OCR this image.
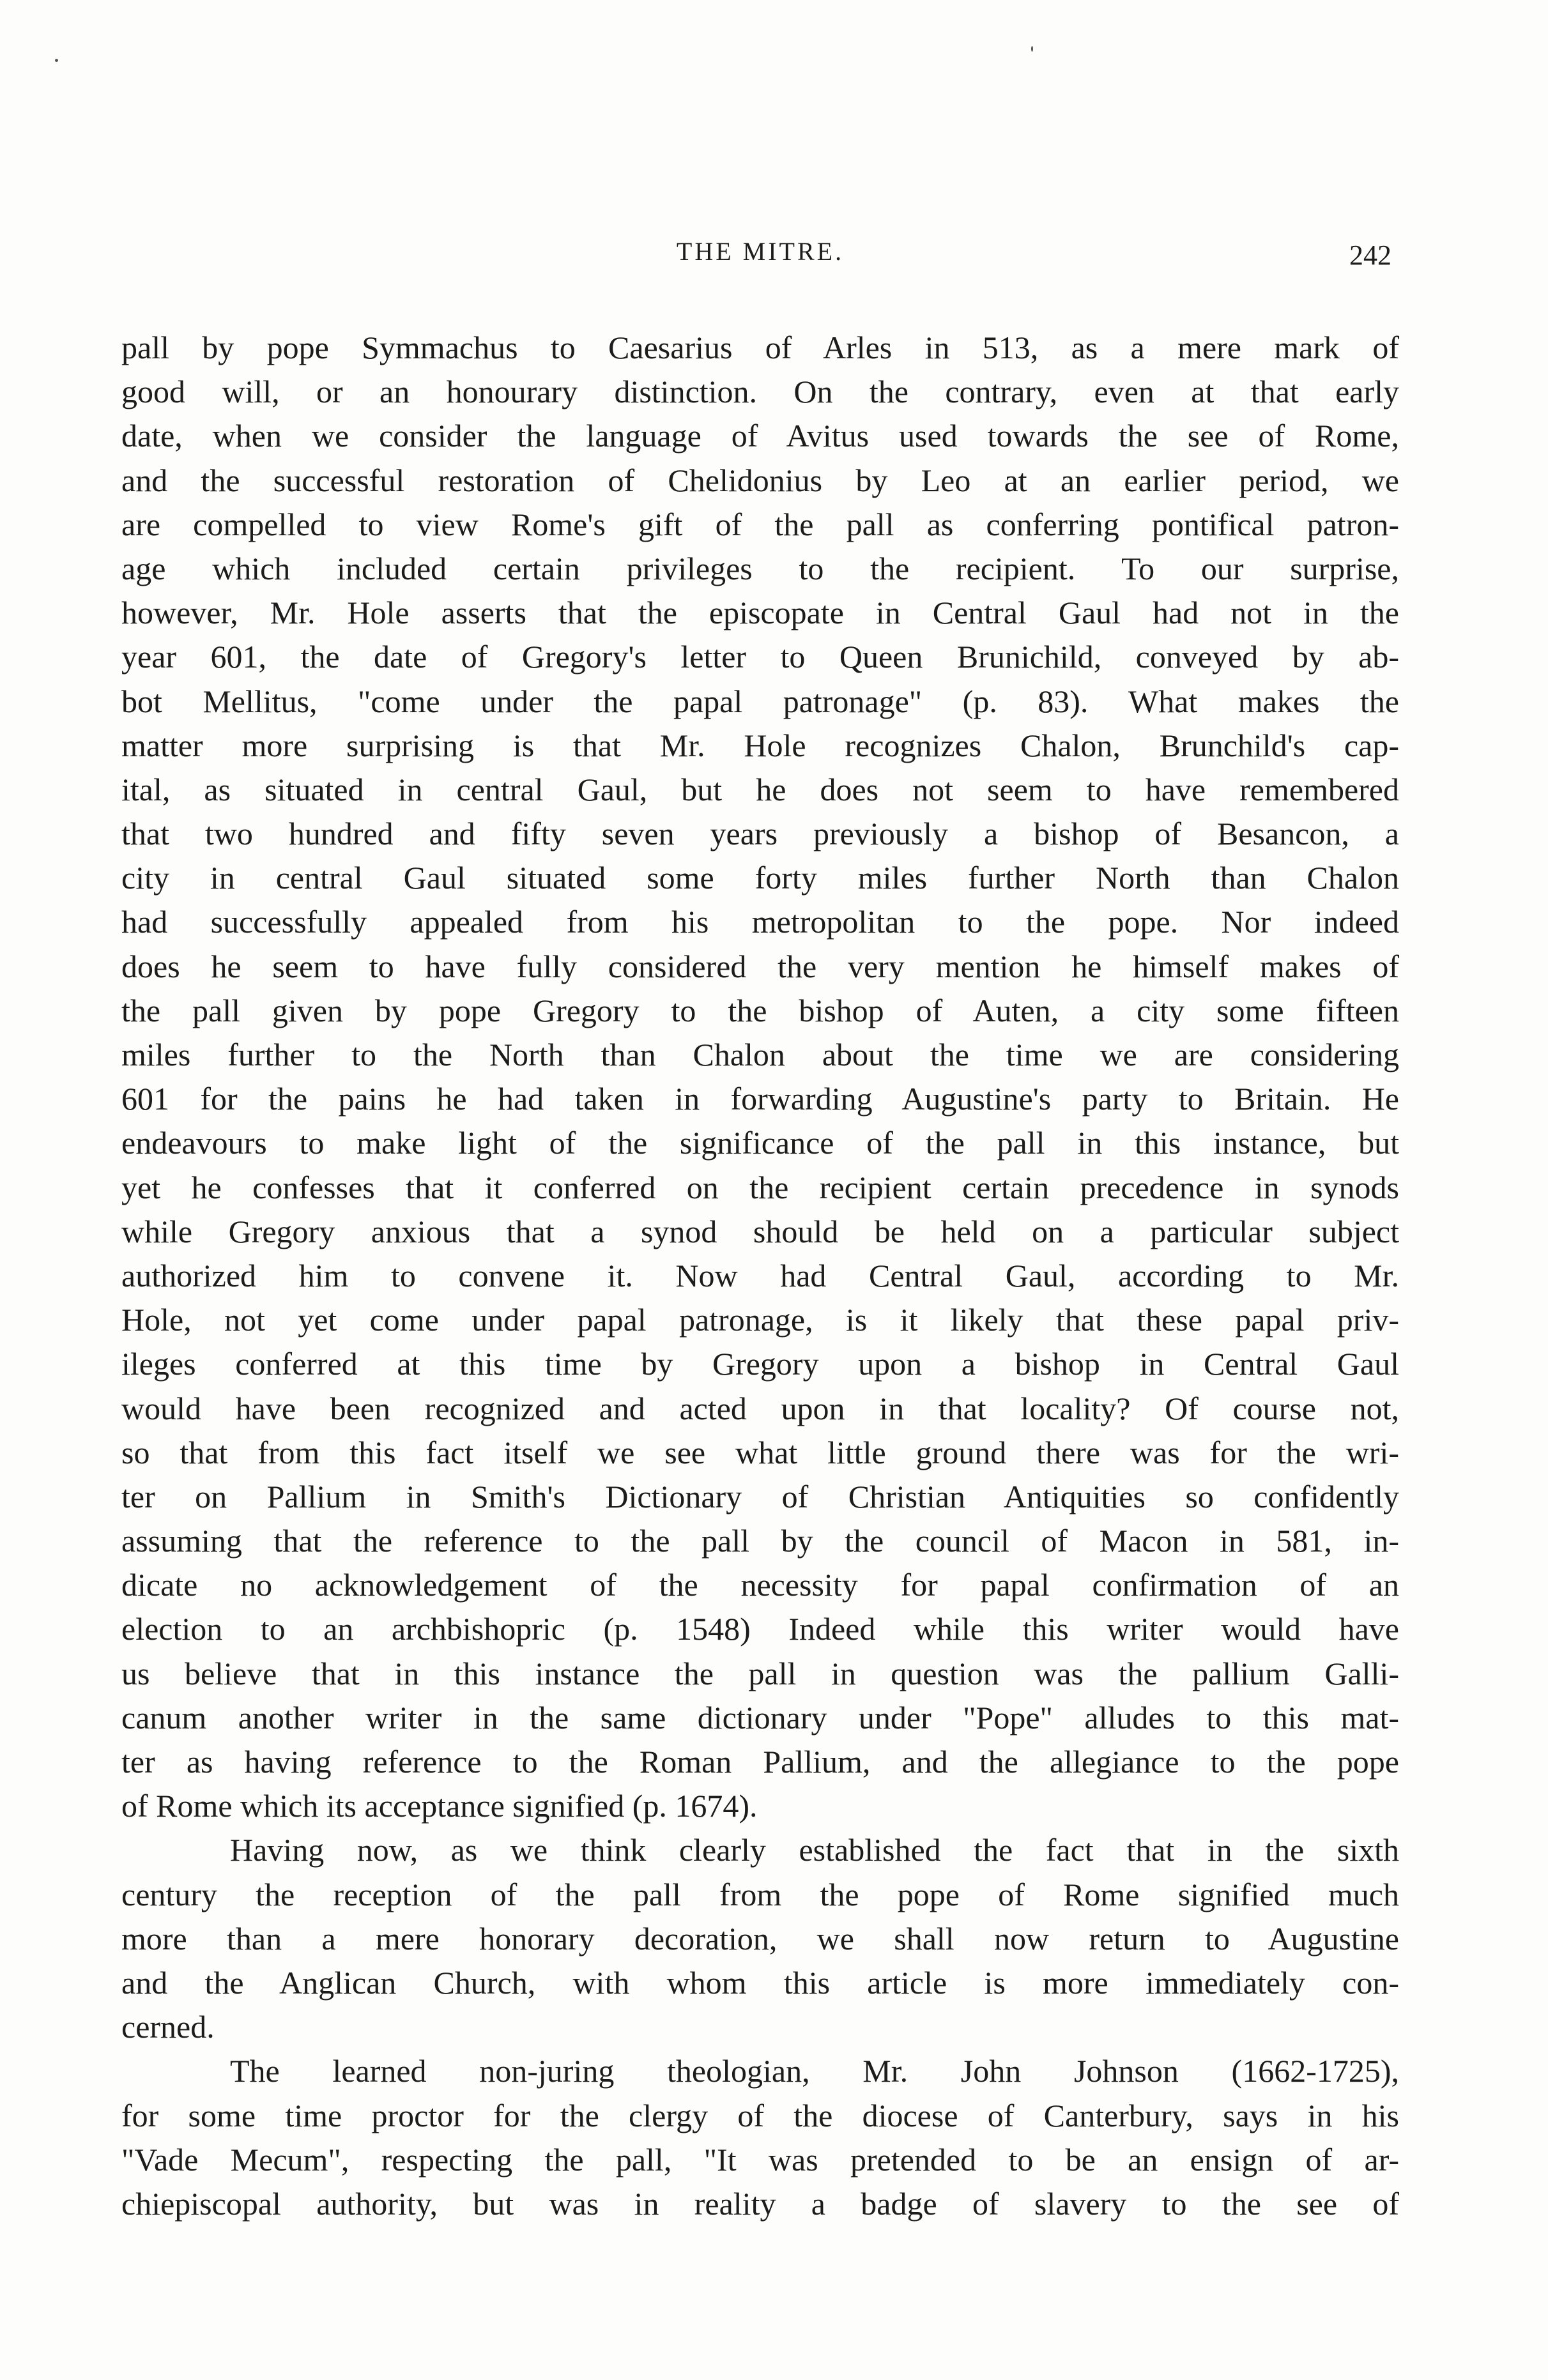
THE MITRE.	242
pall by pope Symmachus to Caesarius of Arles in 513, as a mere mark of
good will, or an honourary distinction. On the contrary, even at that early
date, when we consider the language of Avitus used towards the see of Rome,
and the successful restoration of Chelidonius by Leo at an earlier period, we
are compelled to view Rome's gift of the pall as conferring pontifical patron-
age which included certain privileges to the recipient. To our surprise,
however, Mr. Hole asserts that the episcopate in Central Gaul had not in the
year 601, the date of Gregory's letter to Queen Brunichild, conveyed by ab-
bot Mellitus, "come under the papal patronage" (p. 83). What makes the
matter more surprising is that Mr. Hole recognizes Chalon, Brunchild's cap-
ital, as situated in central Gaul, but he does not seem to have remembered
that two hundred and fifty seven years previously a bishop of Besancon, a
city in central Gaul situated some forty miles further North than Chalon
had successfully appealed from his metropolitan to the pope. Nor indeed
does he seem to have fully considered the very mention he himself makes of
the pall given by pope Gregory to the bishop of Auten, a city some fifteen
miles further to the North than Chalon about the time we are considering
601 for the pains he had taken in forwarding Augustine's party to Britain. He
endeavours to make light of the significance of the pall in this instance, but
yet he confesses that it conferred on the recipient certain precedence in synods
while Gregory anxious that a synod should be held on a particular subject
authorized him to convene it. Now had Central Gaul, according to Mr.
Hole, not yet come under papal patronage, is it likely that these papal priv-
ileges conferred at this time by Gregory upon a bishop in Central Gaul
would have been recognized and acted upon in that locality? Of course not,
so that from this fact itself we see what little ground there was for the wri-
ter on Pallium in Smith's Dictionary of Christian Antiquities so confidently
assuming that the reference to the pall by the council of Macon in 581, in-
dicate no acknowledgement of the necessity for papal confirmation of an
election to an archbishopric (p. 1548) Indeed while this writer would have
us believe that in this instance the pall in question was the pallium Galli-
canum another writer in the same dictionary under "Pope" alludes to this mat-
ter as having reference to the Roman Pallium, and the allegiance to the pope
of Rome which its acceptance signified (p. 1674).
Having now, as we think clearly established the fact that in the sixth
century the reception of the pall from the pope of Rome signified much
more than a mere honorary decoration, we shall now return to Augustine
and the Anglican Church, with whom this article is more immediately con-
cerned.
The learned non-juring theologian, Mr. John Johnson (1662-1725),
for some time proctor for the clergy of the diocese of Canterbury, says in his
"Vade Mecum", respecting the pall, "It was pretended to be an ensign of ar-
chiepiscopal authority, but was in reality a badge of slavery to the see of
